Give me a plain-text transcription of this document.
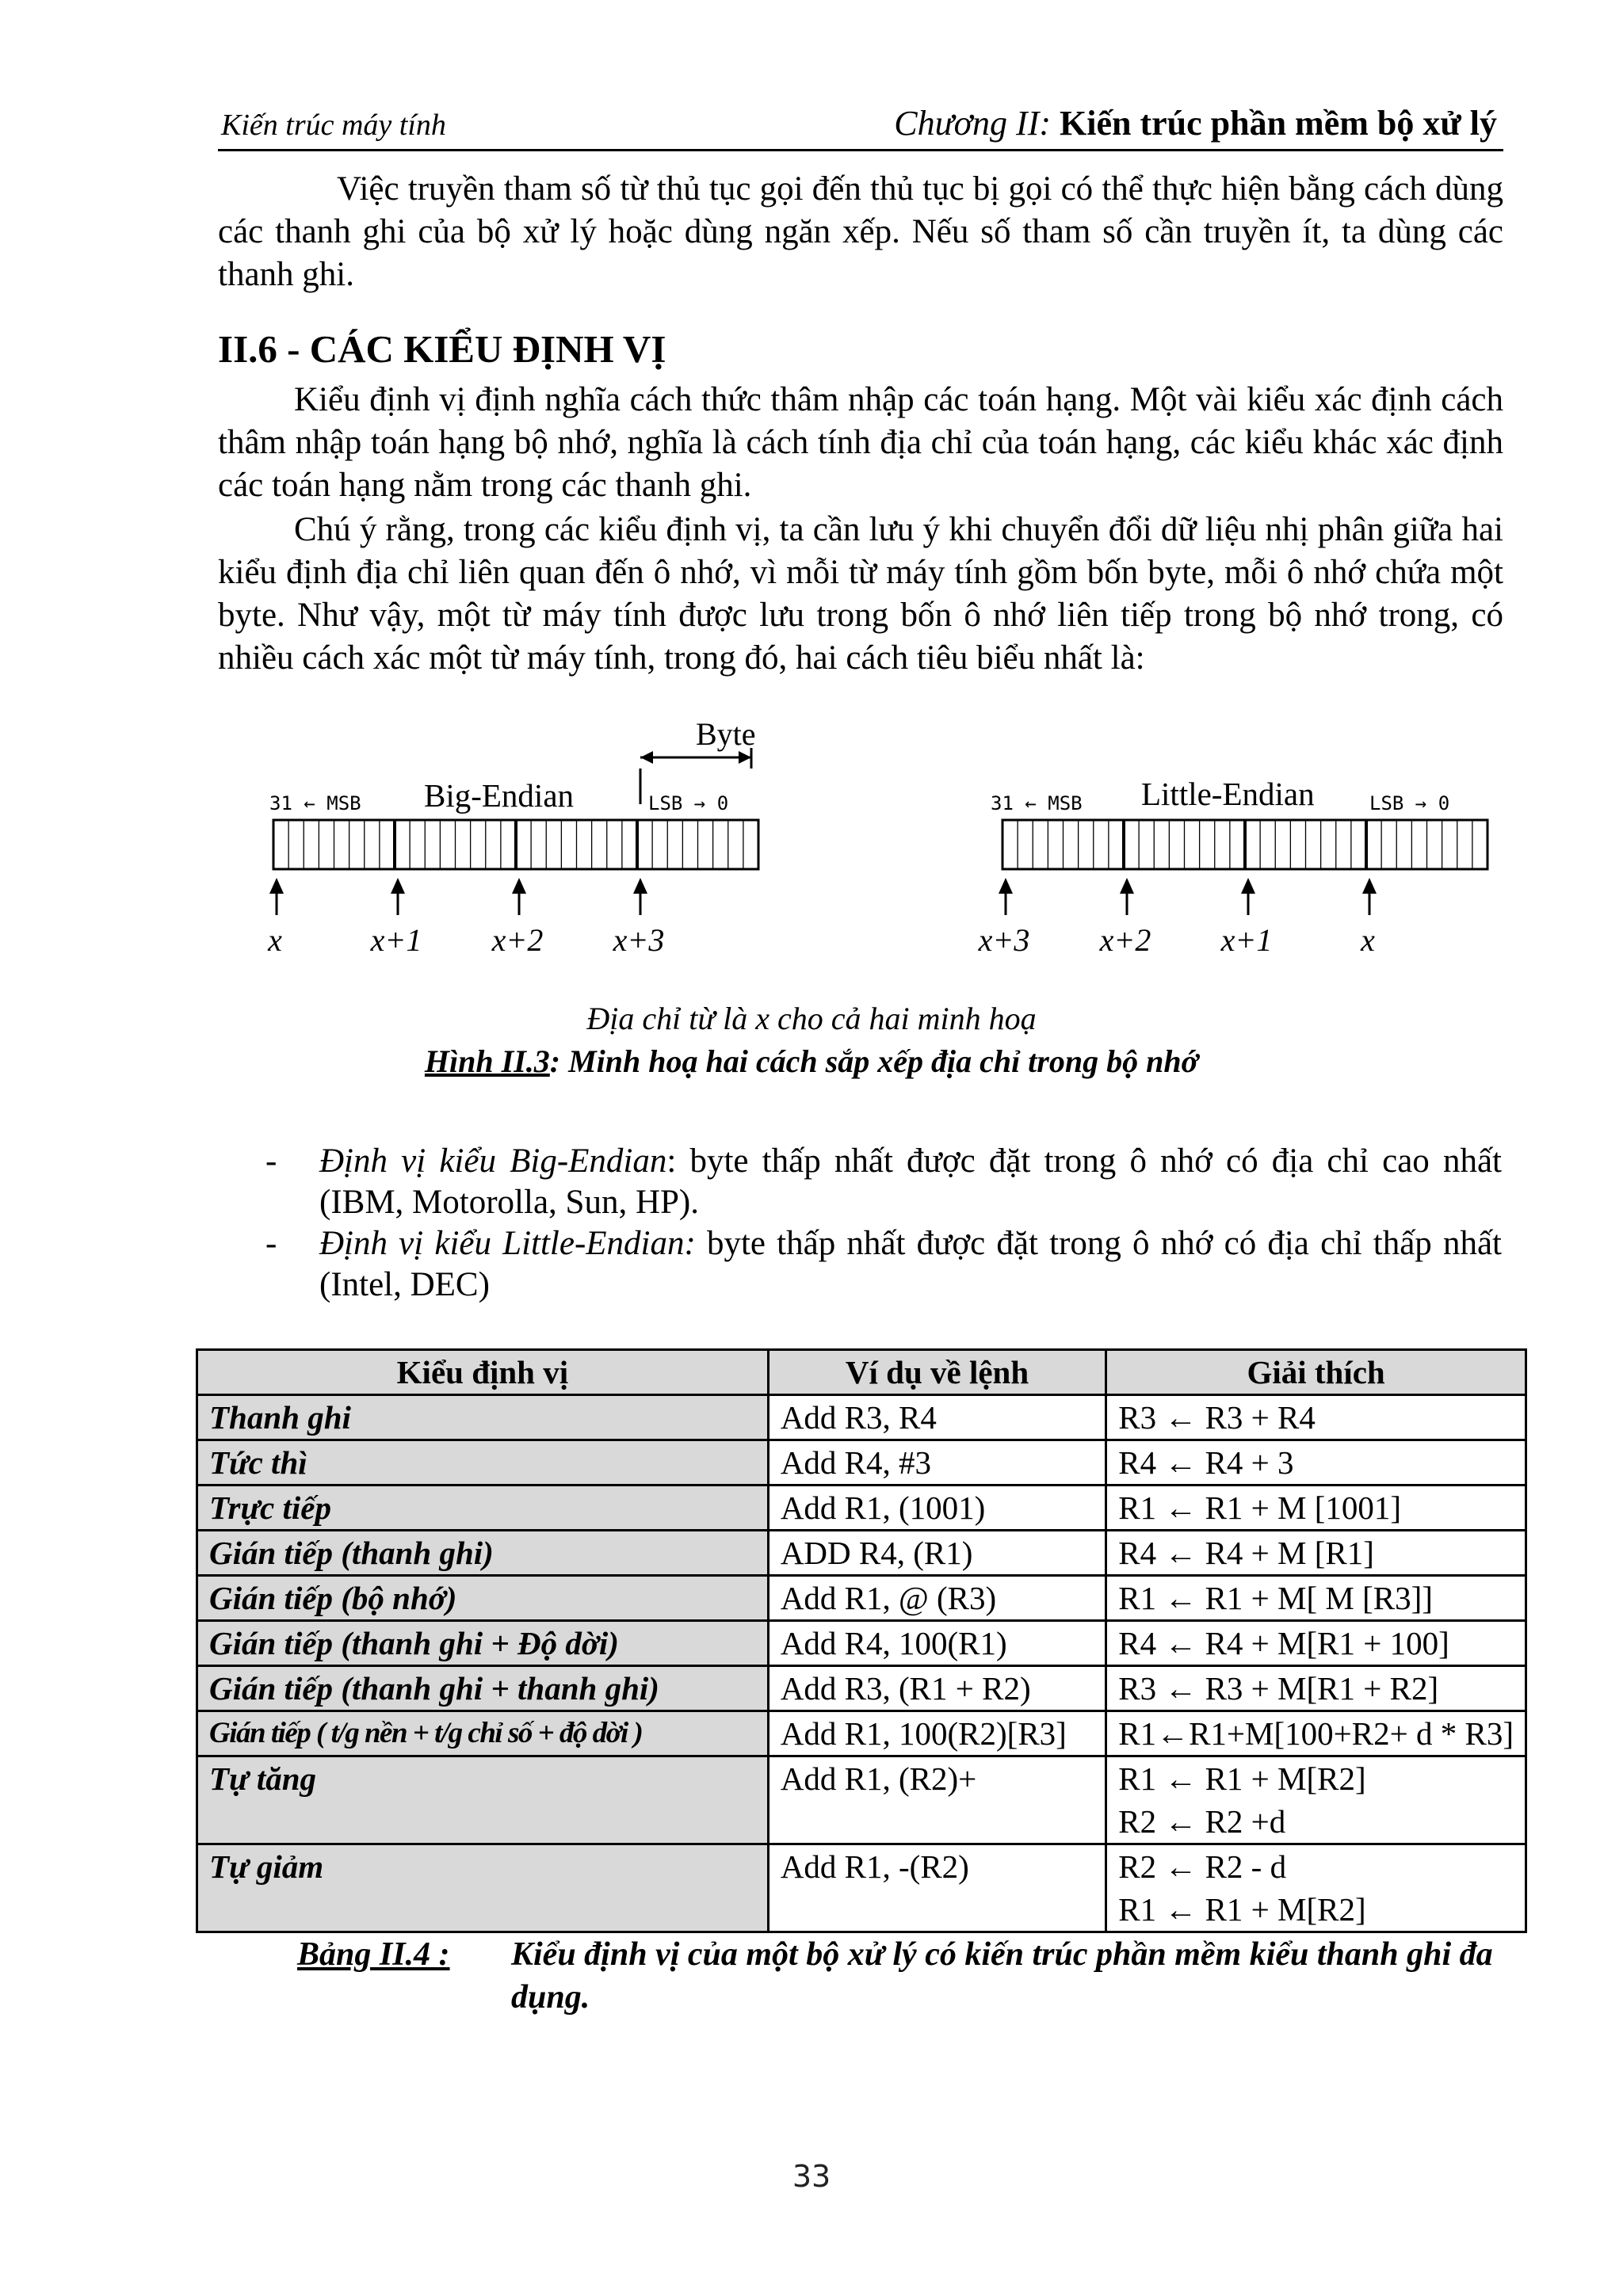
Kiến trúc máy tính	Chương II: Kiến trúc phần mềm bộ xử lý
Việc truyền tham số từ thủ tục gọi đến thủ tục bị gọi có thể thực hiện bằng cách dùng các thanh ghi của bộ xử lý hoặc dùng ngăn xếp. Nếu số tham số cần truyền ít, ta dùng các thanh ghi.
II.6 - CÁC KIỂU ĐỊNH VỊ
Kiểu định vị định nghĩa cách thức thâm nhập các toán hạng. Một vài kiểu xác định cách thâm nhập toán hạng bộ nhớ, nghĩa là cách tính địa chỉ của toán hạng, các kiểu khác xác định các toán hạng nằm trong các thanh ghi.
Chú ý rằng, trong các kiểu định vị, ta cần lưu ý khi chuyển đổi dữ liệu nhị phân giữa hai kiểu định địa chỉ liên quan đến ô nhớ, vì mỗi từ máy tính gồm bốn byte, mỗi ô nhớ chứa một byte. Như vậy, một từ máy tính được lưu trong bốn ô nhớ liên tiếp trong bộ nhớ trong, có nhiều cách xác một từ máy tính, trong đó, hai cách tiêu biểu nhất là:
Byte
31 ← MSB Big-Endian	LSB → 0
x	x+1 x+2 x+3
31 ← MSB Little-Endian	LSB → 0
x+3 x+2 x+1	x
Địa chỉ từ là x cho cả hai minh hoạ
Hình II.3: Minh hoạ hai cách sắp xếp địa chỉ trong bộ nhớ
- Định vị kiểu Big-Endian: byte thấp nhất được đặt trong ô nhớ có địa chỉ cao nhất (IBM, Motorolla, Sun, HP).
- Định vị kiểu Little-Endian: byte thấp nhất được đặt trong ô nhớ có địa chỉ thấp nhất (Intel, DEC)
Kiểu định vị	Ví dụ về lệnh	Giải thích
Thanh ghi	Add R3, R4	R3 ← R3 + R4
Tức thì	Add R4, #3	R4 ← R4 + 3
Trực tiếp	Add R1, (1001)	R1 ← R1 + M [1001]
Gián tiếp (thanh ghi)	ADD R4, (R1)	R4 ← R4 + M [R1]
Gián tiếp (bộ nhớ)	Add R1, @ (R3)	R1 ← R1 + M[ M [R3]]
Gián tiếp (thanh ghi + Độ dời)	Add R4, 100(R1)	R4 ← R4 + M[R1 + 100]
Gián tiếp (thanh ghi + thanh ghi)	Add R3, (R1 + R2)	R3 ← R3 + M[R1 + R2]
Gián tiếp ( t/g nền + t/g chỉ số + độ dời )	Add R1, 100(R2)[R3]	R1←R1+M[100+R2+ d * R3]
Tự tăng	Add R1, (R2)+	R1 ← R1 + M[R2]
R2 ← R2 +d

Tự giảm	Add R1, -(R2)	R2 ← R2 - d
R1 ← R1 + M[R2]
Bảng II.4 : Kiểu định vị của một bộ xử lý có kiến trúc phần mềm kiểu thanh ghi đa dụng.
33
